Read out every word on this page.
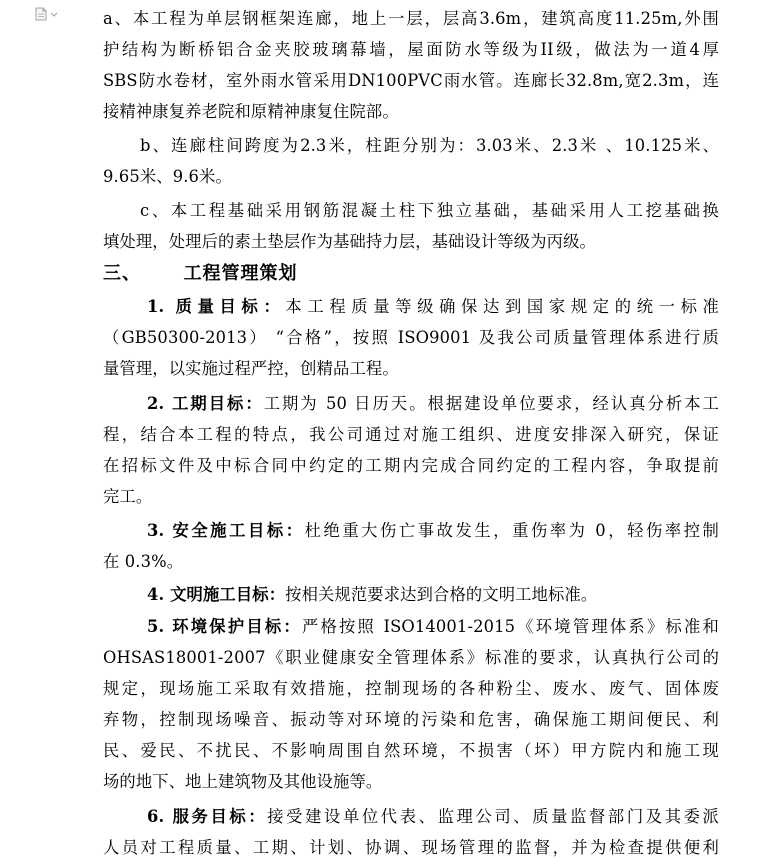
a、本工程为单层钢框架连廊，地上一层，层高3.6m，建筑高度11.25m,外围
护结构为断桥铝合金夹胶玻璃幕墙，屋面防水等级为II级，做法为一道4厚
SBS防水卷材，室外雨水管采用DN100PVC雨水管。连廊长32.8m,宽2.3m，连
接精神康复养老院和原精神康复住院部。
b、连廊柱间跨度为2.3米，柱距分别为：3.03米、2.3米 、10.125米、
9.65米、9.6米。
c、本工程基础采用钢筋混凝土柱下独立基础，基础采用人工挖基础换
填处理，处理后的素土垫层作为基础持力层，基础设计等级为丙级。
三、 工程管理策划
1. 质量目标：本工程质量等级确保达到国家规定的统一标准
（GB50300-2013） “合格”，按照 ISO9001 及我公司质量管理体系进行质
量管理，以实施过程严控，创精品工程。
2. 工期目标：工期为 50 日历天。根据建设单位要求，经认真分析本工
程，结合本工程的特点，我公司通过对施工组织、进度安排深入研究，保证
在招标文件及中标合同中约定的工期内完成合同约定的工程内容，争取提前
完工。
3. 安全施工目标：杜绝重大伤亡事故发生，重伤率为 0，轻伤率控制
在 0.3%。
4. 文明施工目标：按相关规范要求达到合格的文明工地标准。
5. 环境保护目标：严格按照 ISO14001-2015《环境管理体系》标准和
OHSAS18001-2007《职业健康安全管理体系》标准的要求，认真执行公司的
规定，现场施工采取有效措施，控制现场的各种粉尘、废水、废气、固体废
弃物，控制现场噪音、振动等对环境的污染和危害，确保施工期间便民、利
民、爱民、不扰民、不影响周围自然环境，不损害（坏）甲方院内和施工现
场的地下、地上建筑物及其他设施等。
6. 服务目标：接受建设单位代表、监理公司、质量监督部门及其委派
人员对工程质量、工期、计划、协调、现场管理的监督，并为检查提供便利
